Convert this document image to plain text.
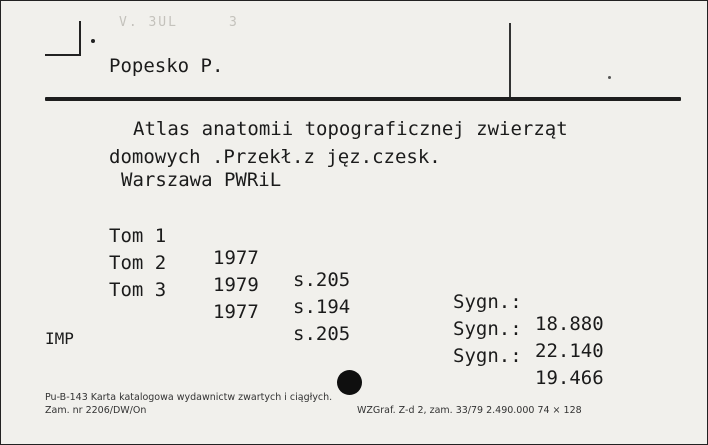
V. 3UL	3
Popesko P.
Atlas anatomii topograficznej zwierząt
domowych .Przekł.z jęz.czesk.
Warszawa PWRiL

Tom 1

1977

s.205

Sygn.:

18.880

Tom 2

1979

s.194

Sygn.:

22.140

Tom 3

1977

s.205

Sygn.:

19.466

IMP
Pu-B-143 Karta katalogowa wydawnictw zwartych i ciągłych.
Zam. nr 2206/DW/On	WZGraf. Z-d 2, zam. 33/79 2.490.000 74 × 128
